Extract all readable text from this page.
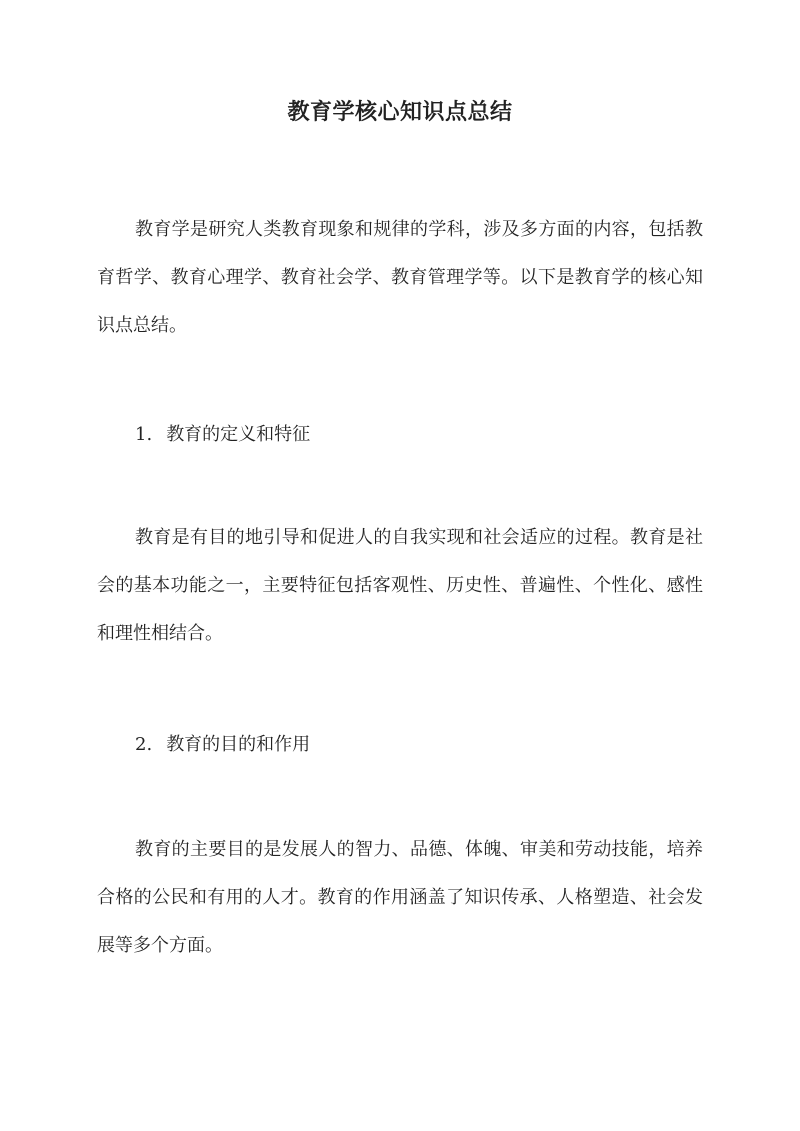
教育学核心知识点总结

教育学是研究人类教育现象和规律的学科，涉及多方面的内容，包括教育哲学、教育心理学、教育社会学、教育管理学等。以下是教育学的核心知识点总结。

1. 教育的定义和特征

教育是有目的地引导和促进人的自我实现和社会适应的过程。教育是社会的基本功能之一，主要特征包括客观性、历史性、普遍性、个性化、感性和理性相结合。

2. 教育的目的和作用

教育的主要目的是发展人的智力、品德、体魄、审美和劳动技能，培养合格的公民和有用的人才。教育的作用涵盖了知识传承、人格塑造、社会发展等多个方面。
